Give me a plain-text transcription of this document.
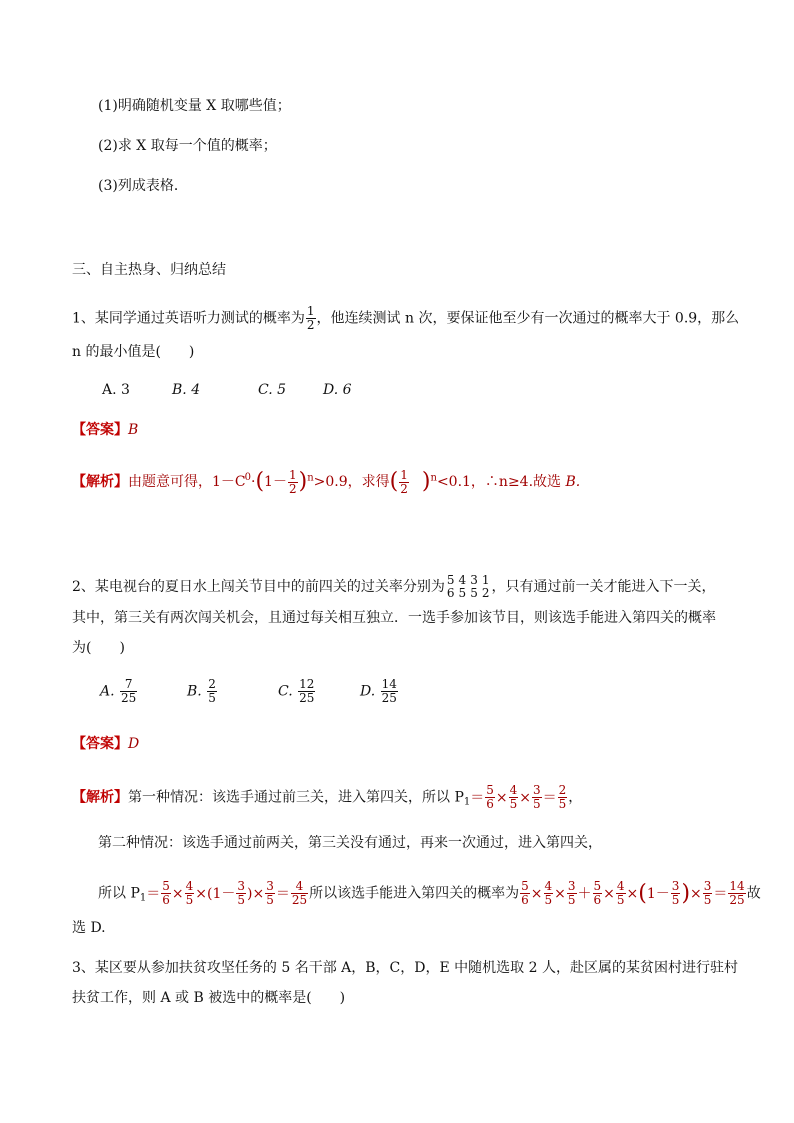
(1)明确随机变量 X 取哪些值；
(2)求 X 取每一个值的概率；
(3)列成表格．
三、自主热身、归纳总结
1、某同学通过英语听力测试的概率为 $\frac{1}{2}$ ，他连续测试 n 次，要保证他至少有一次通过的概率大于 0.9，那么
n 的最小值是(　　)
A. 3	B. 4	C. 5	D. 6
【答案】B
【解析】由题意可得，$1-C^0\cdot(1- \frac{1}{2} )^n>0.9$，求得( $\frac{1}{2} )^n<0.1$，∴n≥4.故选 B.
2、某电视台的夏日水上闯关节目中的前四关的过关率分别为 5
6
4
5
3
5
1
2 ，只有通过前一关才能进入下一关，
其中，第三关有两次闯关机会，且通过每关相互独立．一选手参加该节目，则该选手能进入第四关的概率
为(　　)
A. $\frac{7}{25}$	B. $\frac{2}{5}$	C. $\frac{12}{25}$	D. $\frac{14}{25}$
【答案】D
【解析】第一种情况：该选手通过前三关，进入第四关，所以 $P_1= \frac{5}{6} \times \frac{4}{5} \times \frac{3}{5} = \frac{2}{5}$ ，
第二种情况：该选手通过前两关，第三关没有通过，再来一次通过，进入第四关，
所以 $P_1= \frac{5}{6} \times \frac{4}{5} \times(1- \frac{3}{5}$ )× $\frac{3}{5} = \frac{4}{25}$ 所以该选手能进入第四关的概率为 $\frac{5}{6} \times \frac{4}{5} \times \frac{3}{5} + \frac{5}{6} \times \frac{4}{5} \times(1- \frac{3}{5}$ )× $\frac{3}{5} = \frac{14}{25}$ 故
选 D.
3、某区要从参加扶贫攻坚任务的 5 名干部 A，B，C，D，E 中随机选取 2 人，赴区属的某贫困村进行驻村
扶贫工作，则 A 或 B 被选中的概率是(　　)
